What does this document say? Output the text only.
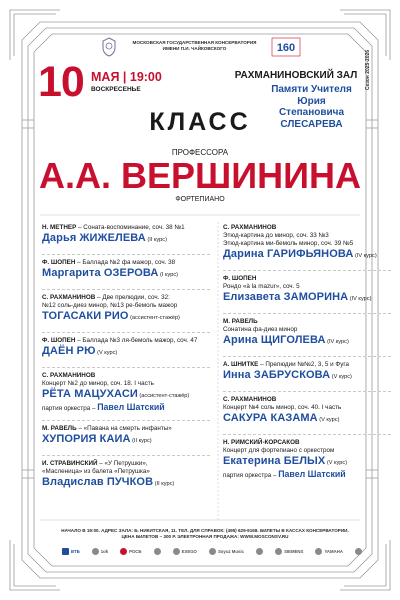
МОСКОВСКАЯ ГОСУДАРСТВЕННАЯ КОНСЕРВАТОРИЯ
ИМЕНИ П.И. ЧАЙКОВСКОГО	160
Сезон 2025-2026
10 МАЯ | 19:00
ВОСКРЕСЕНЬЕ
РАХМАНИНОВСКИЙ ЗАЛ
Памяти Учителя
Юрия Степановича
СЛЕСАРЕВА
КЛАСС
ПРОФЕССОРА
А.А. ВЕРШИНИНА
ФОРТЕПИАНО
Н. МЕТНЕР – Соната-воспоминание, соч. 38 №1
Дарья ЖИЖЕЛЕВА (II курс)
Ф. ШОПЕН – Баллада №2 фа мажор, соч. 38
Маргарита ОЗЕРОВА (I курс)
С. РАХМАНИНОВ – Две прелюдии, соч. 32:
№12 соль-диез минор, №13 ре-бемоль мажор
ТОГАСАКИ РИО (ассистент-стажёр)
Ф. ШОПЕН – Баллада №3 ля-бемоль мажор, соч. 47
ДАЁН РЮ (V курс)
С. РАХМАНИНОВ
Концерт №2 до минор, соч. 18. I часть
РЁТА МАЦУХАСИ (ассистент-стажёр)
партия оркестра – Павел Шатский
М. РАВЕЛЬ – «Павана на смерть инфанты»
ХУПОРИЯ КАИА (II курс)
И. СТРАВИНСКИЙ – «У Петрушки»,
«Масленица» из балета «Петрушка»
Владислав ПУЧКОВ (II курс)
С. РАХМАНИНОВ
Этюд-картина до минор, соч. 33 №3
Этюд-картина ми-бемоль минор, соч. 39 №5
Дарина ГАРИФЬЯНОВА (IV курс)
Ф. ШОПЕН
Рондо «à la mazur», соч. 5
Елизавета ЗАМОРИНА (IV курс)
М. РАВЕЛЬ
Сонатина фа-диез минор
Арина ЩИГОЛЕВА (IV курс)
А. ШНИТКЕ – Прелюдии №№2, 3, 5 и Фуга
Инна ЗАБРУСКОВА (V курс)
С. РАХМАНИНОВ
Концерт №4 соль минор, соч. 40. I часть
САКУРА КАЗАМА (V курс)
Н. РИМСКИЙ-КОРСАКОВ
Концерт для фортепиано с оркестром
Екатерина БЕЛЫХ (V курс)
партия оркестра – Павел Шатский
НАЧАЛО В 19:00. АДРЕС ЗАЛА: Б. НИКИТСКАЯ, 11. ТЕЛ. ДЛЯ СПРАВОК: (495) 629-9168. БИЛЕТЫ В КАССАХ КОНСЕРВАТОРИИ.
ЦЕНА БИЛЕТОВ – 300 Р. ЭЛЕКТРОННАЯ ПРОДАЖА: WWW.MOSCONSV.RU
ВТБ	1ok	РОСБ	EXEGO	Soyuz Music	SIEMENS	YAMAHA
